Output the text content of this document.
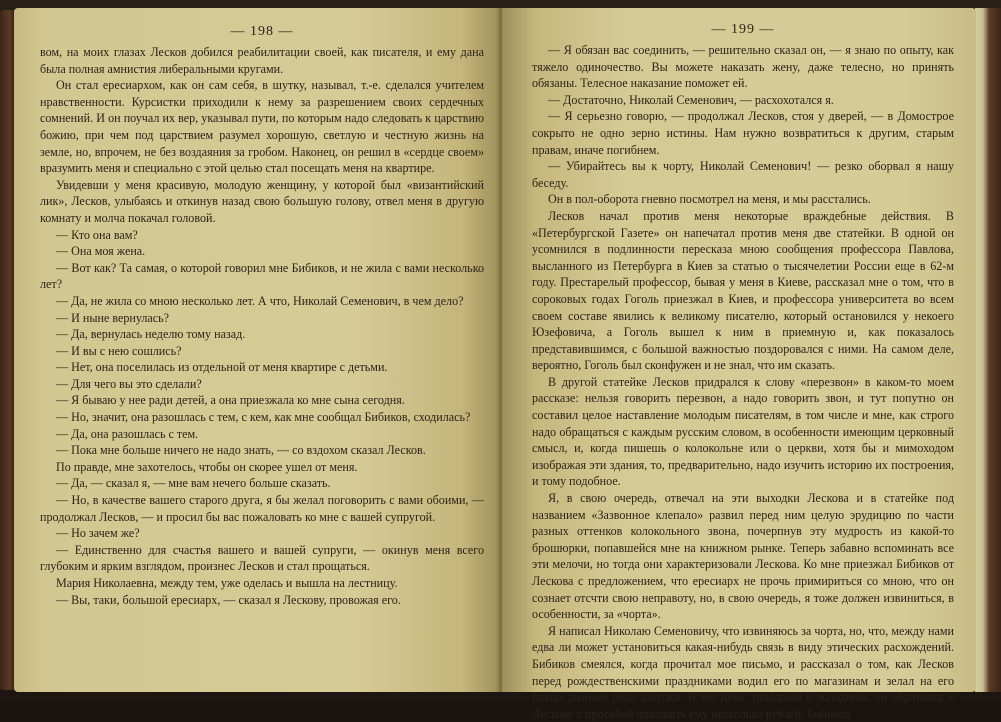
— 198 —

вом, на моих глазах Лесков добился реабилитации своей, как писателя, и ему дана была полная амнистия либеральными кругами.

Он стал ересиархом, как он сам себя, в шутку, называл, т.-е. сделался учителем нравственности. Курсистки приходили к нему за разрешением своих сердечных сомнений. И он поучал их вер, указывал пути, по которым надо следовать к царствию божию, при чем под царствием разумел хорошую, светлую и честную жизнь на земле, но, впрочем, не без воздаяния за гробом. Наконец, он решил в «сердце своем» вразумить меня и специально с этой целью стал посещать меня на квартире.

Увидевши у меня красивую, молодую женщину, у которой был «византийский лик», Лесков, улыбаясь и откинув назад свою большую голову, отвел меня в другую комнату и молча покачал головой.

— Кто она вам?

— Она моя жена.

— Вот как? Та самая, о которой говорил мне Бибиков, и не жила с вами несколько лет?

— Да, не жила со мною несколько лет. А что, Николай Семенович, в чем дело?

— И ныне вернулась?

— Да, вернулась неделю тому назад.

— И вы с нею сошлись?

— Нет, она поселилась из отдельной от меня квартире с детьми.

— Для чего вы это сделали?

— Я бываю у нее ради детей, а она приезжала ко мне сына сегодня.

— Но, значит, она разошлась с тем, с кем, как мне сообщал Бибиков, сходилась?

— Да, она разошлась с тем.

— Пока мне больше ничего не надо знать, — со вздохом сказал Лесков.

По правде, мне захотелось, чтобы он скорее ушел от меня.

— Да, — сказал я, — мне вам нечего больше сказать.

— Но, в качестве вашего старого друга, я бы желал поговорить с вами обоими, — продолжал Лесков, — и просил бы вас пожаловать ко мне с вашей супругой.

— Но зачем же?

— Единственно для счастья вашего и вашей супруги, — окинув меня всего глубоким и ярким взглядом, произнес Лесков и стал прощаться.

Мария Николаевна, между тем, уже оделась и вышла на лестницу.

— Вы, таки, большой ересиарх, — сказал я Лескову, провожая его.

— 199 —

— Я обязан вас соединить, — решительно сказал он, — я знаю по опыту, как тяжело одиночество. Вы можете наказать жену, даже телесно, но принять обязаны. Телесное наказание поможет ей.

— Достаточно, Николай Семенович, — расхохотался я.

— Я серьезно говорю, — продолжал Лесков, стоя у дверей, — в Домострое сокрыто не одно зерно истины. Нам нужно возвратиться к другим, старым правам, иначе погибнем.

— Убирайтесь вы к чорту, Николай Семенович! — резко оборвал я нашу беседу.

Он в пол-оборота гневно посмотрел на меня, и мы расстались.

Лесков начал против меня некоторые враждебные действия. В «Петербургской Газете» он напечатал против меня две статейки. В одной он усомнился в подлинности пересказа мною сообщения профессора Павлова, высланного из Петербурга в Киев за статью о тысячелетии России еще в 62-м году. Престарелый профессор, бывая у меня в Киеве, рассказал мне о том, что в сороковых годах Гоголь приезжал в Киев, и профессора университета во всем своем составе явились к великому писателю, который остановился у некоего Юзефовича, а Гоголь вышел к ним в приемную и, как показалось представившимся, с большой важностью поздоровался с ними. На самом деле, вероятно, Гоголь был сконфужен и не знал, что им сказать.

В другой статейке Лесков придрался к слову «перезвон» в каком-то моем рассказе: нельзя говорить перезвон, а надо говорить звон, и тут попутно он составил целое наставление молодым писателям, в том числе и мне, как строго надо обращаться с каждым русским словом, в особенности имеющим церковный смысл, и, когда пишешь о колокольне или о церкви, хотя бы и мимоходом изображая эти здания, то, предварительно, надо изучить историю их построения, и тому подобное.

Я, в свою очередь, отвечал на эти выходки Лескова и в статейке под названием «Зазвонное клепало» развил перед ним целую эрудицию по части разных оттенков колокольного звона, почерпнув эту мудрость из какой-то брошюрки, попавшейся мне на книжном рынке. Теперь забавно вспоминать все эти мелочи, но тогда они характеризовали Лескова. Ко мне приезжал Бибиков от Лескова с предложением, что ересиарх не прочь примириться со мною, что он сознает отсчти свою неправоту, но, в свою очередь, я тоже должен извиниться, в особенности, за «чорта».

Я написал Николаю Семеновичу, что извиняюсь за чорта, но, что, между нами едва ли может установиться какая-нибудь связь в виду этических расхождений. Бибиков смеялся, когда прочитал мое письмо, и рассказал о том, как Лесков перед рождественскими праздниками водил его по магазинам и зелал на его глазах разного рода закупки. В тот день, голодный и холодный, он обратился к Лескову с просьбой одолжить ему несколько рублей. Бибиков
